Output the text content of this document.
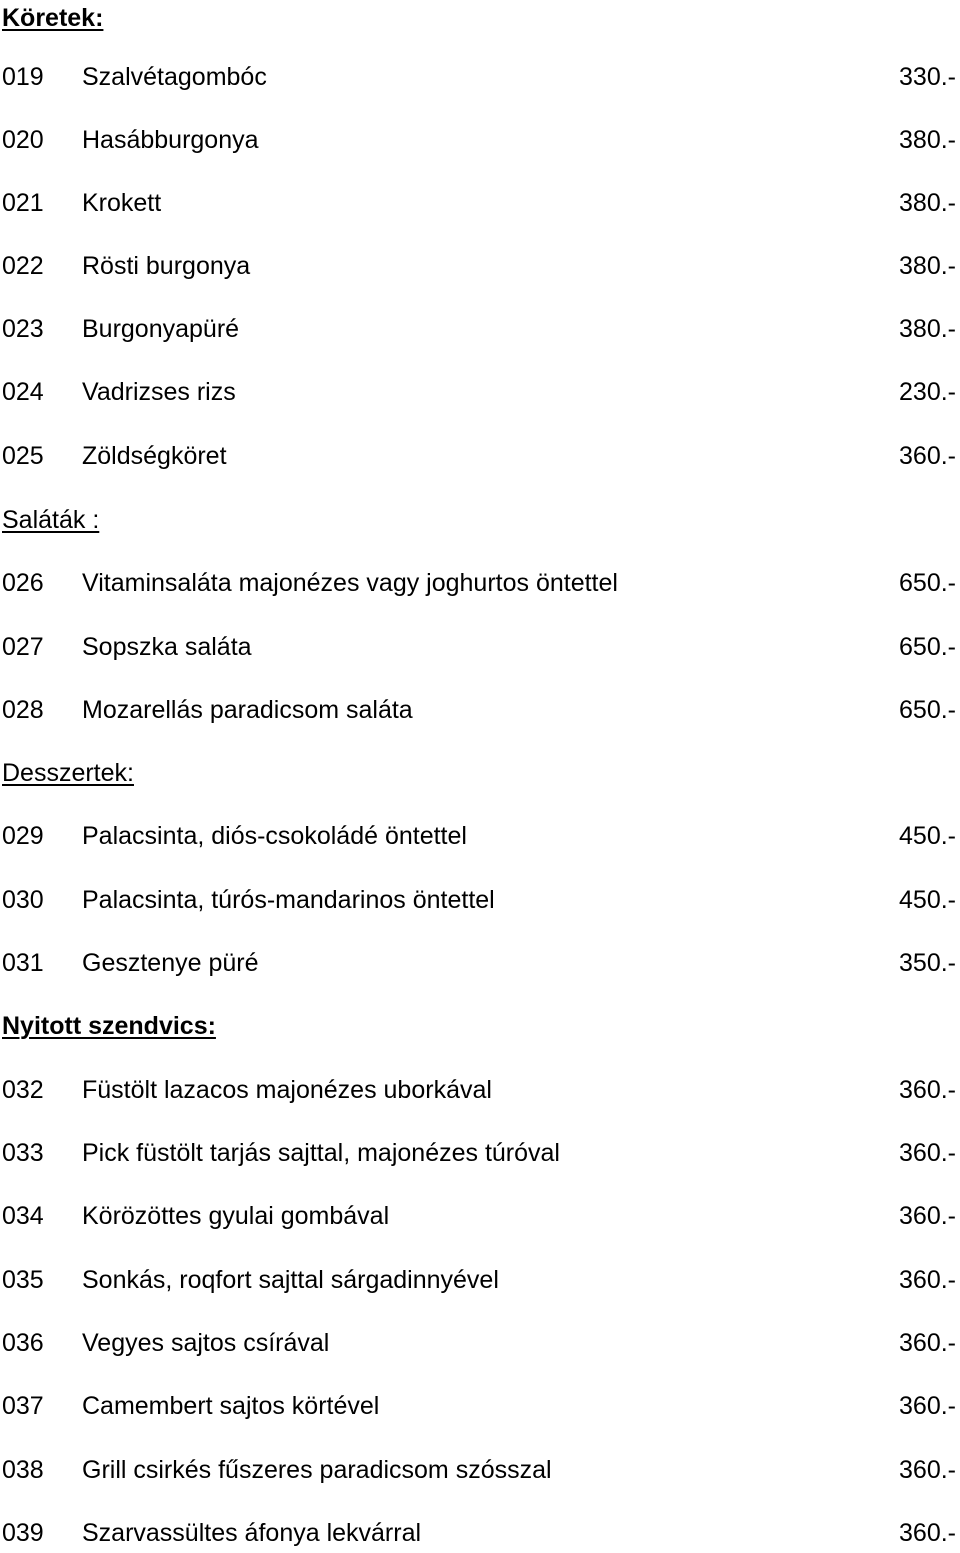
Köretek:
019 Szalvétagombóc	330.-
020 Hasábburgonya	380.-
021 Krokett	380.-
022 Rösti burgonya	380.-
023 Burgonyapüré	380.-
024 Vadrizses rizs	230.-
025 Zöldségköret	360.-
Saláták :
026 Vitaminsaláta majonézes vagy joghurtos öntettel	650.-
027 Sopszka saláta	650.-
028 Mozarellás paradicsom saláta	650.-
Desszertek:
029 Palacsinta, diós-csokoládé öntettel	450.-
030 Palacsinta, túrós-mandarinos öntettel	450.-
031 Gesztenye püré	350.-
Nyitott szendvics:
032 Füstölt lazacos majonézes uborkával	360.-
033 Pick füstölt tarjás sajttal, majonézes túróval	360.-
034 Körözöttes gyulai gombával	360.-
035 Sonkás, roqfort sajttal sárgadinnyével	360.-
036 Vegyes sajtos csírával	360.-
037 Camembert sajtos körtével	360.-
038 Grill csirkés fűszeres paradicsom szósszal	360.-
039 Szarvassültes áfonya lekvárral	360.-
